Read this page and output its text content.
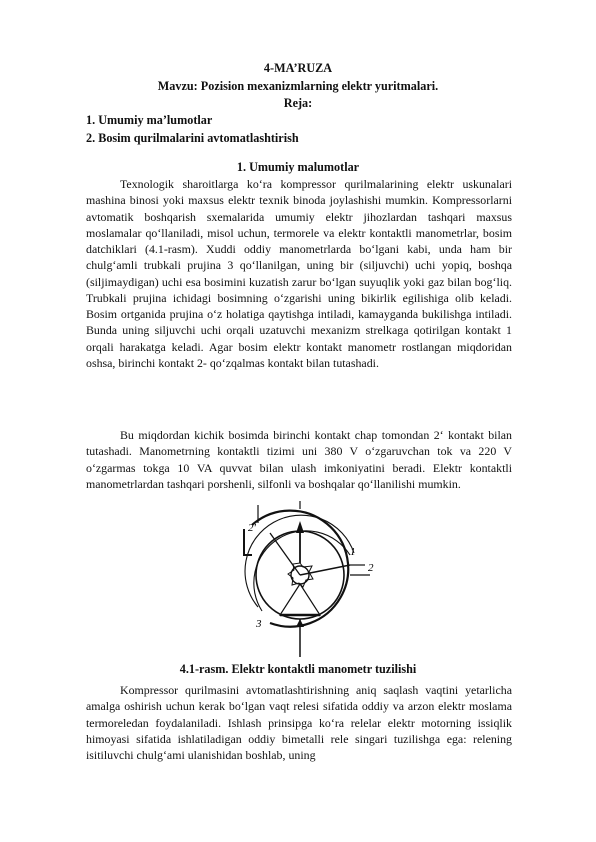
4-MA’RUZA
Mavzu: Pozision mexanizmlarning elektr yuritmalari.
Reja:
1. Umumiy ma’lumotlar
2. Bosim qurilmalarini avtomatlashtirish
1. Umumiy malumotlar

Texnologik sharoitlarga ko‘ra kompressor qurilmalarining elektr uskunalari mashina binosi yoki maxsus elektr texnik binoda joylashishi mumkin. Kompressorlarni avtomatik boshqarish sxemalarida umumiy elektr jihozlardan tashqari maxsus moslamalar qo‘llaniladi, misol uchun, termorele va elektr kontaktli manometrlar, bosim datchiklari (4.1-rasm). Xuddi oddiy manometrlarda bo‘lgani kabi, unda ham bir chulg‘amli trubkali prujina 3 qo‘llanilgan, uning bir (siljuvchi) uchi yopiq, boshqa (siljimaydigan) uchi esa bosimini kuzatish zarur bo‘lgan suyuqlik yoki gaz bilan bog‘liq. Trubkali prujina ichidagi bosimning o‘zgarishi uning bikirlik egilishiga olib keladi. Bosim ortganida prujina o‘z holatiga qaytishga intiladi, kamayganda bukilishga intiladi. Bunda uning siljuvchi uchi orqali uzatuvchi mexanizm strelkaga qotirilgan kontakt 1 orqali harakatga keladi. Agar bosim elektr kontakt manometr rostlangan miqdoridan oshsa, birinchi kontakt 2- qo‘zqalmas kontakt bilan tutashadi.

Bu miqdordan kichik bosimda birinchi kontakt chap tomondan 2‘ kontakt bilan tutashadi. Manometrning kontaktli tizimi uni 380 V o‘zgaruvchan tok va 220 V o‘zgarmas tokga 10 VA quvvat bilan ulash imkoniyatini beradi. Elektr kontaktli manometrlardan tashqari porshenli, silfonli va boshqalar qo‘llanilishi mumkin.

2'
1
2
3
4.1-rasm. Elektr kontaktli manometr tuzilishi

Kompressor qurilmasini avtomatlashtirishning aniq saqlash vaqtini yetarlicha amalga oshirish uchun kerak bo‘lgan vaqt relesi sifatida oddiy va arzon elektr moslama termoreledan foydalaniladi. Ishlash prinsipga ko‘ra relelar elektr motorning issiqlik himoyasi sifatida ishlatiladigan oddiy bimetalli rele singari tuzilishga ega: relening isitiluvchi chulg‘ami ulanishidan boshlab, uning
